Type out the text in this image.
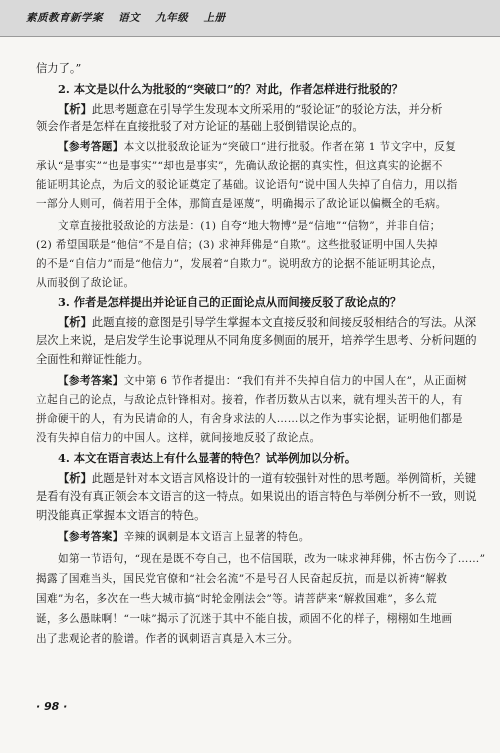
素质教育新学案 语文 九年级 上册
信力了。”
2. 本文是以什么为批驳的“突破口”的？对此，作者怎样进行批驳的？
【析】此思考题意在引导学生发现本文所采用的“驳论证”的驳论方法，并分析
领会作者是怎样在直接批驳了对方论证的基础上驳倒错误论点的。
【参考答题】本文以批驳敌论证为“突破口”进行批驳。作者在第 1 节文字中，反复
承认“是事实”“也是事实”“却也是事实”，先确认敌论据的真实性，但这真实的论据不
能证明其论点，为后文的驳论证奠定了基础。议论语句“说中国人失掉了自信力，用以指
一部分人则可，倘若用于全体，那简直是诬蔑”，明确揭示了敌论证以偏概全的毛病。
文章直接批驳敌论的方法是：(1) 自夸“地大物博”是“信地”“信物”，并非自信；
(2) 希望国联是“他信”不是自信；(3) 求神拜佛是“自欺”。这些批驳证明中国人失掉
的不是“自信力”而是“他信力”，发展着“自欺力”。说明敌方的论据不能证明其论点，
从而驳倒了敌论证。
3. 作者是怎样提出并论证自己的正面论点从而间接反驳了敌论点的？
【析】此题直接的意图是引导学生掌握本文直接反驳和间接反驳相结合的写法。从深
层次上来说，是启发学生论事说理从不同角度多侧面的展开，培养学生思考、分析问题的
全面性和辩证性能力。
【参考答案】文中第 6 节作者提出：“我们有并不失掉自信力的中国人在”，从正面树
立起自己的论点，与敌论点针锋相对。接着，作者历数从古以来，就有埋头苦干的人，有
拼命硬干的人，有为民请命的人，有舍身求法的人……以之作为事实论据，证明他们都是
没有失掉自信力的中国人。这样，就间接地反驳了敌论点。
4. 本文在语言表达上有什么显著的特色？试举例加以分析。
【析】此题是针对本文语言风格设计的一道有较强针对性的思考题。举例简析，关键
是看有没有真正领会本文语言的这一特点。如果说出的语言特色与举例分析不一致，则说
明没能真正掌握本文语言的特色。
【参考答案】辛辣的讽刺是本文语言上显著的特色。
如第一节语句，“现在是既不夸自己，也不信国联，改为一味求神拜佛，怀古伤今了……”
揭露了国难当头，国民党官僚和“社会名流”不是号召人民奋起反抗，而是以祈祷“解救
国难”为名，多次在一些大城市搞“时轮金刚法会”等。请菩萨来“解救国难”，多么荒
诞，多么愚昧啊！“一味”揭示了沉迷于其中不能自拔，顽固不化的样子，栩栩如生地画
出了悲观论者的脸谱。作者的讽刺语言真是入木三分。
· 98 ·
